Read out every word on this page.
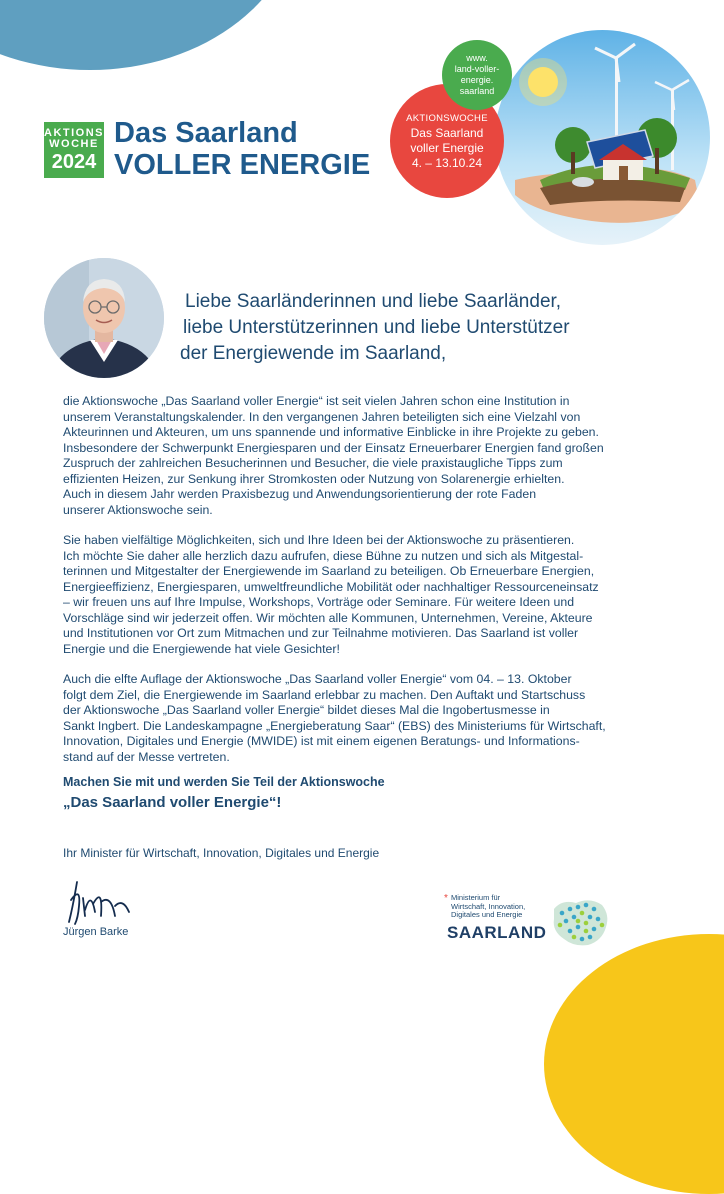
AKTIONS
WOCHE
2024
Das Saarland
VOLLER ENERGIE
AKTIONSWOCHE
Das Saarland
voller Energie
4. – 13.10.24
www.
land-voller-
energie.
saarland
Liebe Saarländerinnen und liebe Saarländer,
liebe Unterstützerinnen und liebe Unterstützer
der Energiewende im Saarland,

die Aktionswoche „Das Saarland voller Energie“ ist seit vielen Jahren schon eine Institution in
unserem Veranstaltungskalender. In den vergangenen Jahren beteiligten sich eine Vielzahl von
Akteurinnen und Akteuren, um uns spannende und informative Einblicke in ihre Projekte zu geben.
Insbesondere der Schwerpunkt Energiesparen und der Einsatz Erneuerbarer Energien fand großen
Zuspruch der zahlreichen Besucherinnen und Besucher, die viele praxistaugliche Tipps zum
effizienten Heizen, zur Senkung ihrer Stromkosten oder Nutzung von Solarenergie erhielten.
Auch in diesem Jahr werden Praxisbezug und Anwendungsorientierung der rote Faden
unserer Aktionswoche sein.

Sie haben vielfältige Möglichkeiten, sich und Ihre Ideen bei der Aktionswoche zu präsentieren.
Ich möchte Sie daher alle herzlich dazu aufrufen, diese Bühne zu nutzen und sich als Mitgestal-
terinnen und Mitgestalter der Energiewende im Saarland zu beteiligen. Ob Erneuerbare Energien,
Energieeffizienz, Energiesparen, umweltfreundliche Mobilität oder nachhaltiger Ressourceneinsatz
– wir freuen uns auf Ihre Impulse, Workshops, Vorträge oder Seminare. Für weitere Ideen und
Vorschläge sind wir jederzeit offen. Wir möchten alle Kommunen, Unternehmen, Vereine, Akteure
und Institutionen vor Ort zum Mitmachen und zur Teilnahme motivieren. Das Saarland ist voller
Energie und die Energiewende hat viele Gesichter!

Auch die elfte Auflage der Aktionswoche „Das Saarland voller Energie“ vom 04. – 13. Oktober
folgt dem Ziel, die Energiewende im Saarland erlebbar zu machen. Den Auftakt und Startschuss
der Aktionswoche „Das Saarland voller Energie“ bildet dieses Mal die Ingobertusmesse in
Sankt Ingbert. Die Landeskampagne „Energieberatung Saar“ (EBS) des Ministeriums für Wirtschaft,
Innovation, Digitales und Energie (MWIDE) ist mit einem eigenen Beratungs- und Informations-
stand auf der Messe vertreten.

Machen Sie mit und werden Sie Teil der Aktionswoche
„Das Saarland voller Energie“!
Ihr Minister für Wirtschaft, Innovation, Digitales und Energie
Jürgen Barke
* Ministerium für
Wirtschaft, Innovation,
Digitales und Energie
SAARLAND
